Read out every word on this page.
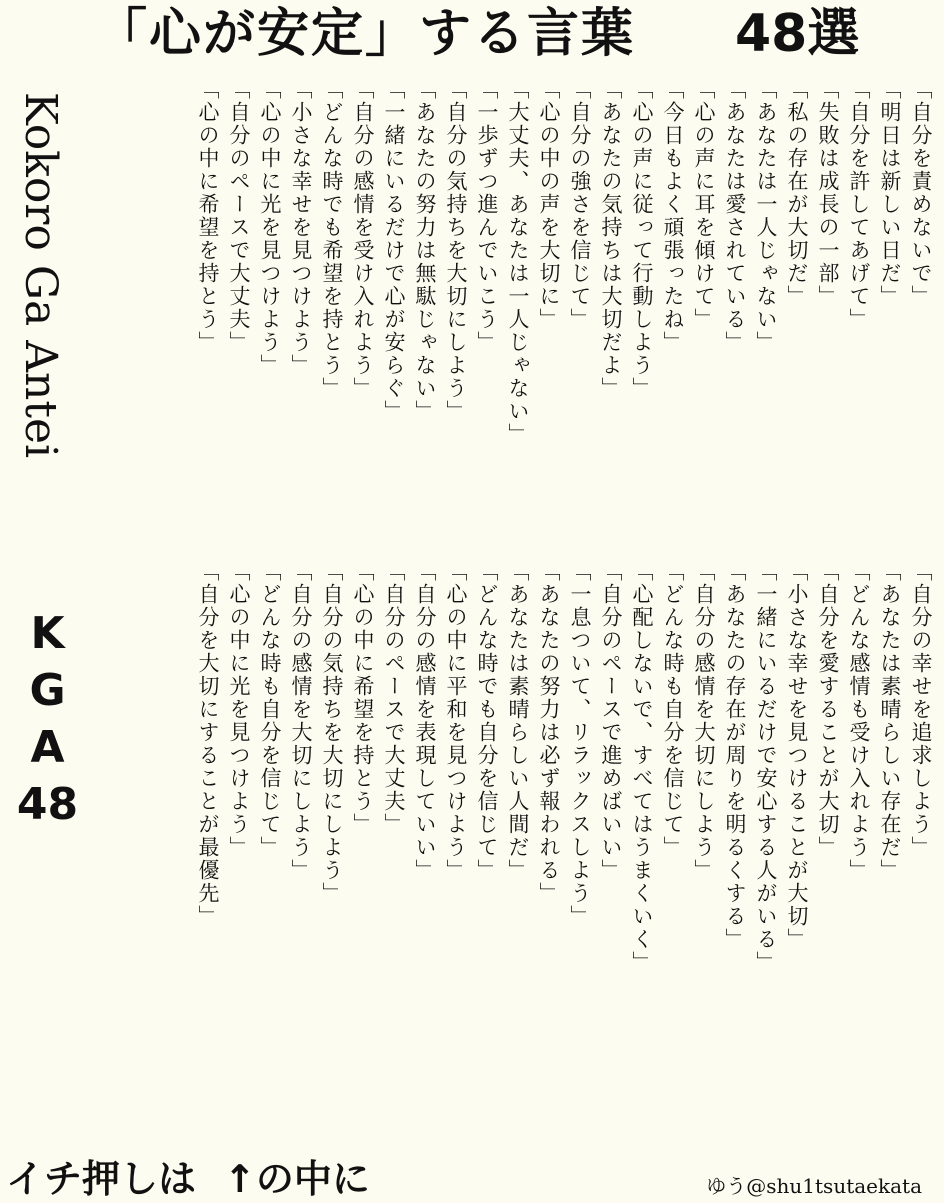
「心が安定」する言葉 48選
Kokoro Ga Antei
K
G
A
48
「自分を責めないで」
「明日は新しい日だ」
「自分を許してあげて」
「失敗は成長の一部」
「私の存在が大切だ」
「あなたは一人じゃない」
「あなたは愛されている」
「心の声に耳を傾けて」
「今日もよく頑張ったね」
「心の声に従って行動しよう」
「あなたの気持ちは大切だよ」
「自分の強さを信じて」
「心の中の声を大切に」
「大丈夫、あなたは一人じゃない」
「一歩ずつ進んでいこう」
「自分の気持ちを大切にしよう」
「あなたの努力は無駄じゃない」
「一緒にいるだけで心が安らぐ」
「自分の感情を受け入れよう」
「どんな時でも希望を持とう」
「小さな幸せを見つけよう」
「心の中に光を見つけよう」
「自分のペースで大丈夫」
「心の中に希望を持とう」
「自分の幸せを追求しよう」
「あなたは素晴らしい存在だ」
「どんな感情も受け入れよう」
「自分を愛することが大切」
「小さな幸せを見つけることが大切」
「一緒にいるだけで安心する人がいる」
「あなたの存在が周りを明るくする」
「自分の感情を大切にしよう」
「どんな時も自分を信じて」
「心配しないで、すべてはうまくいく」
「自分のペースで進めばいい」
「一息ついて、リラックスしよう」
「あなたの努力は必ず報われる」
「あなたは素晴らしい人間だ」
「どんな時でも自分を信じて」
「心の中に平和を見つけよう」
「自分の感情を表現していい」
「自分のペースで大丈夫」
「心の中に希望を持とう」
「自分の気持ちを大切にしよう」
「自分の感情を大切にしよう」
「どんな時も自分を信じて」
「心の中に光を見つけよう」
「自分を大切にすることが最優先」
イチ押しは ↑の中に	ゆう@shu1tsutaekata
